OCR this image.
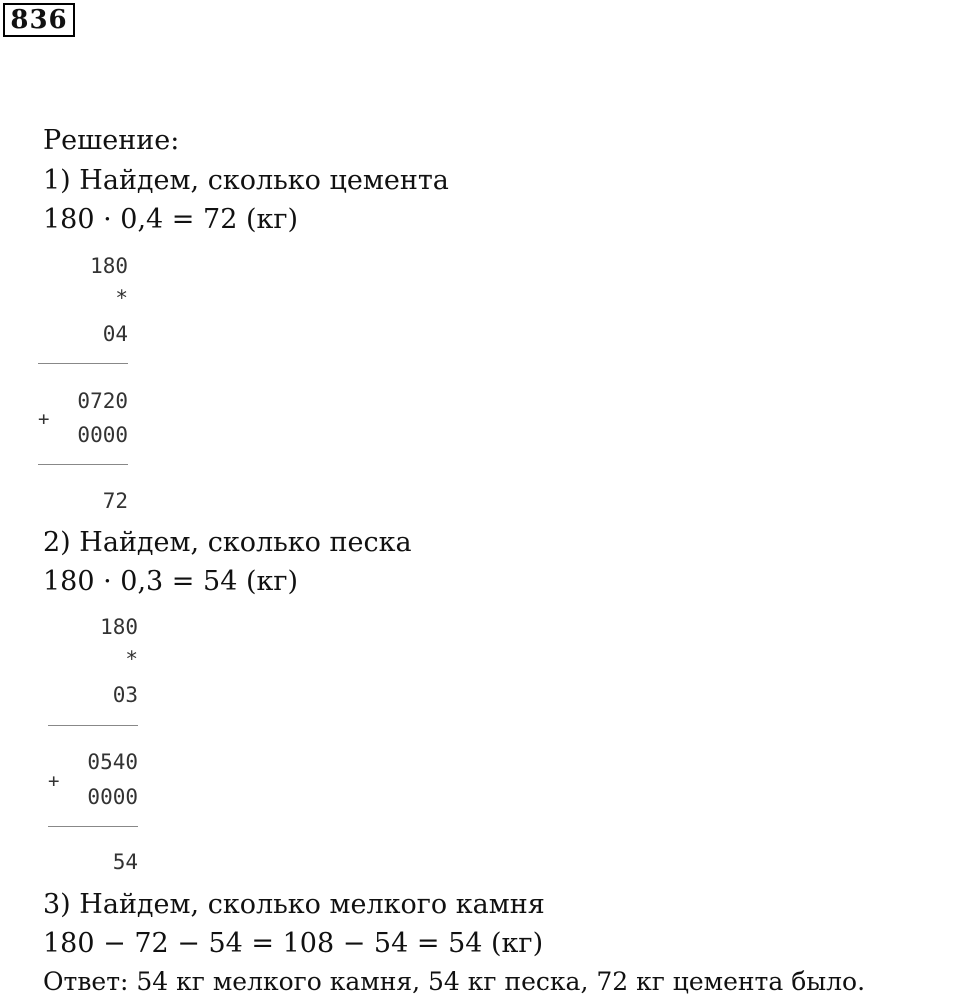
836
Решение:
1) Найдем, сколько цемента
180 · 0,4 = 72 (кг)
180
*
04
0720
+
0000
72
2) Найдем, сколько песка
180 · 0,3 = 54 (кг)
180
*
03
0540
+
0000
54
3) Найдем, сколько мелкого камня
180 − 72 − 54 = 108 − 54 = 54 (кг)
Ответ: 54 кг мелкого камня, 54 кг песка, 72 кг цемента было.
